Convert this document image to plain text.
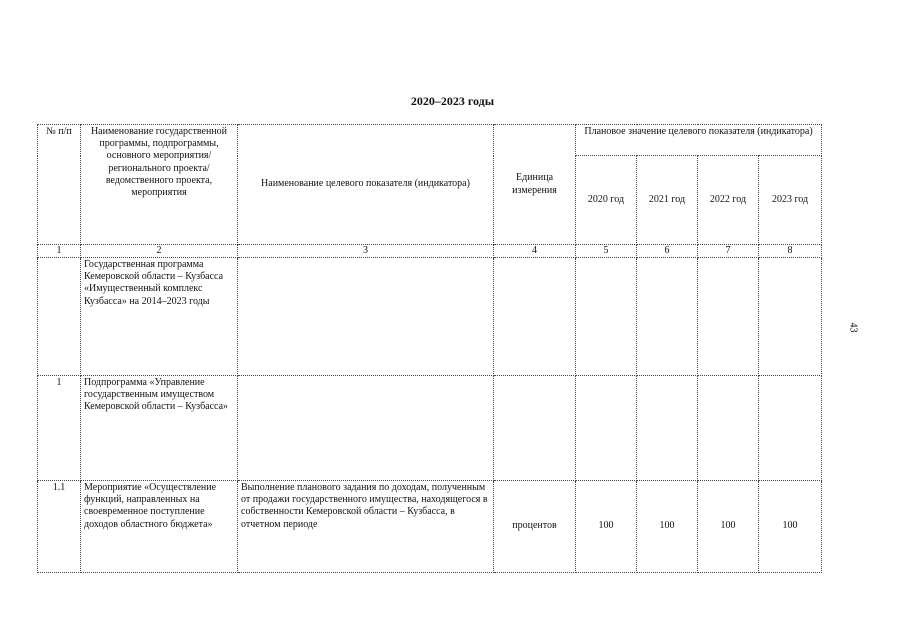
2020–2023 годы
43
№ п/п	Наименование государственной программы, подпрограммы, основного мероприятия/ регионального проекта/ ведомственного проекта, мероприятия	Наименование целевого показателя (индикатора)	Единица измерения	Плановое значение целевого показателя (индикатора)			
				2020 год	2021 год	2022 год	2023 год
1	2	3	4	5	6	7	8
	Государственная программа Кемеровской области – Кузбасса «Имущественный комплекс Кузбасса» на 2014–2023 годы						
1	Подпрограмма «Управление государственным имуществом Кемеровской области – Кузбасса»						
1.1	Мероприятие «Осуществление функций, направленных на своевременное поступление доходов областного бюджета»	Выполнение планового задания по доходам, полученным от продажи государственного имущества, находящегося в собственности Кемеровской области – Кузбасса, в отчетном периоде	процентов	100	100	100	100
